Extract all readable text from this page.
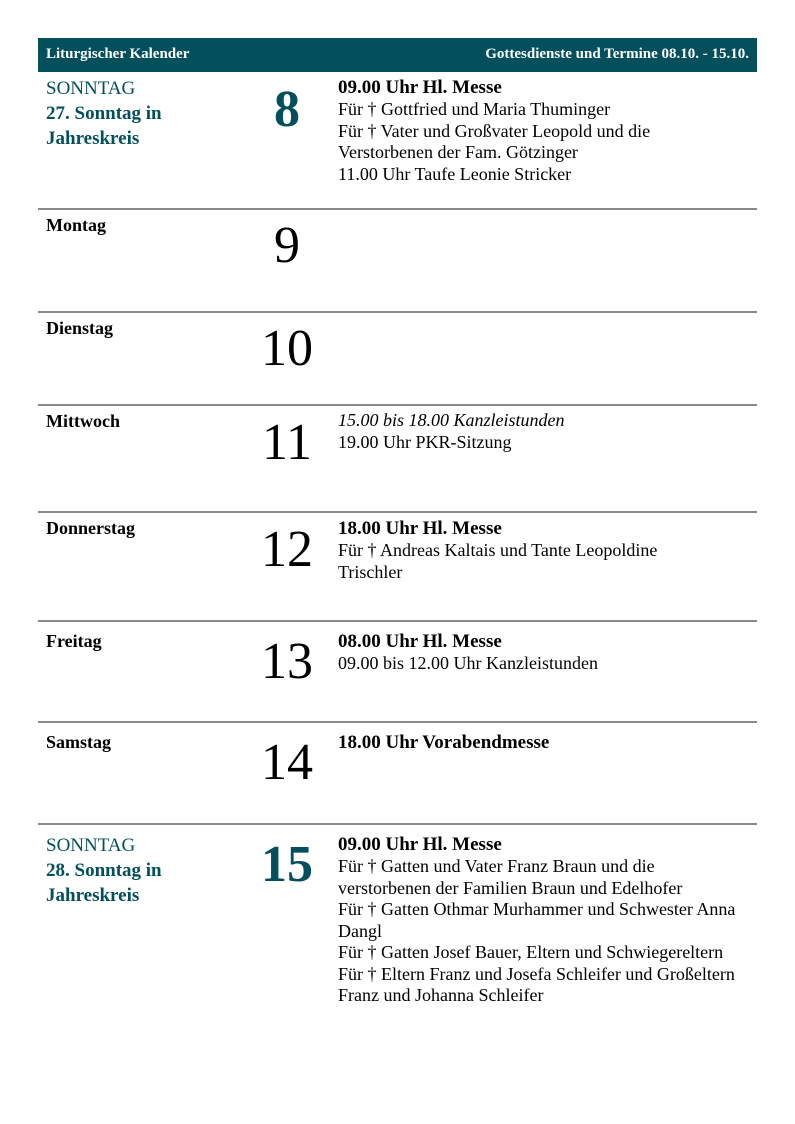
Liturgischer Kalender	Gottesdienste und Termine 08.10. - 15.10.
SONNTAG
27. Sonntag in
Jahreskreis
8	09.00 Uhr Hl. Messe
Für † Gottfried und Maria Thuminger
Für † Vater und Großvater Leopold und die
Verstorbenen der Fam. Götzinger
11.00 Uhr Taufe Leonie Stricker
Montag	9
Dienstag	10
Mittwoch	11	15.00 bis 18.00 Kanzleistunden
19.00 Uhr PKR-Sitzung
Donnerstag	12	18.00 Uhr Hl. Messe
Für † Andreas Kaltais und Tante Leopoldine
Trischler
Freitag	13	08.00 Uhr Hl. Messe
09.00 bis 12.00 Uhr Kanzleistunden
Samstag	14	18.00 Uhr Vorabendmesse
SONNTAG
28. Sonntag in
Jahreskreis
15	09.00 Uhr Hl. Messe
Für † Gatten und Vater Franz Braun und die
verstorbenen der Familien Braun und Edelhofer
Für † Gatten Othmar Murhammer und Schwester Anna
Dangl
Für † Gatten Josef Bauer, Eltern und Schwiegereltern
Für † Eltern Franz und Josefa Schleifer und Großeltern
Franz und Johanna Schleifer
